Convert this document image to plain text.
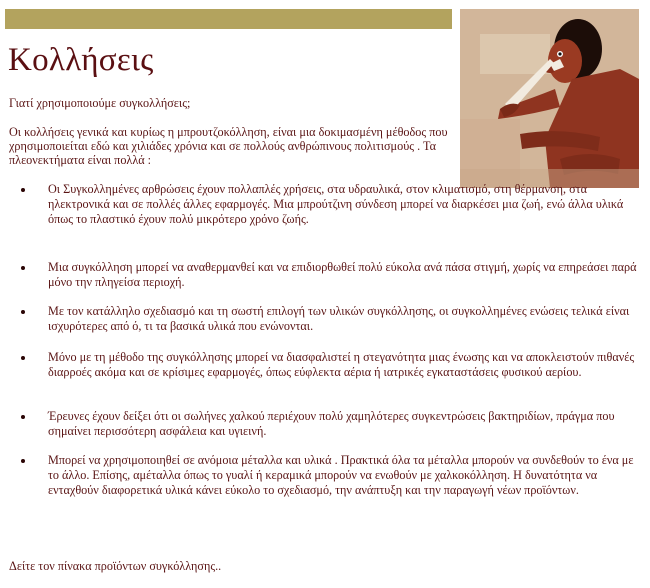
Κολλήσεις

Γιατί χρησιμοποιούμε συγκολλήσεις;

Οι κολλήσεις γενικά και κυρίως η μπρουτζοκόλληση, είναι μια δοκιμασμένη μέθοδος που χρησιμοποιείται εδώ και χιλιάδες χρόνια και σε πολλούς ανθρώπινους πολιτισμούς . Τα πλεονεκτήματα είναι πολλά :

Οι Συγκολλημένες αρθρώσεις έχουν πολλαπλές χρήσεις, στα υδραυλικά, στον κλιματισμό, στη θέρμανση, στα ηλεκτρονικά και σε πολλές άλλες εφαρμογές. Μια μπρούτζινη σύνδεση μπορεί να διαρκέσει μια ζωή, ενώ άλλα υλικά όπως το πλαστικό έχουν πολύ μικρότερο χρόνο ζωής.
Μια συγκόλληση μπορεί να αναθερμανθεί και να επιδιορθωθεί πολύ εύκολα ανά πάσα στιγμή, χωρίς να επηρεάσει παρά μόνο την πληγείσα περιοχή.
Με τον κατάλληλο σχεδιασμό και τη σωστή επιλογή των υλικών συγκόλλησης, οι συγκολλημένες ενώσεις τελικά είναι ισχυρότερες από ό, τι τα βασικά υλικά που ενώνονται.
Μόνο με τη μέθοδο της συγκόλλησης μπορεί να διασφαλιστεί η στεγανότητα μιας ένωσης και να αποκλειστούν πιθανές διαρροές ακόμα και σε κρίσιμες εφαρμογές, όπως εύφλεκτα αέρια ή ιατρικές εγκαταστάσεις φυσικού αερίου.
Έρευνες έχουν δείξει ότι οι σωλήνες χαλκού περιέχουν πολύ χαμηλότερες συγκεντρώσεις βακτηριδίων, πράγμα που σημαίνει περισσότερη ασφάλεια και υγιεινή.
Μπορεί να χρησιμοποιηθεί σε ανόμοια μέταλλα και υλικά . Πρακτικά όλα τα μέταλλα μπορούν να συνδεθούν το ένα με το άλλο. Επίσης, αμέταλλα όπως το γυαλί ή κεραμικά μπορούν να ενωθούν με χαλκοκόλληση. Η δυνατότητα να ενταχθούν διαφορετικά υλικά κάνει εύκολο το σχεδιασμό, την ανάπτυξη και την παραγωγή νέων προϊόντων.

Δείτε τον πίνακα προϊόντων συγκόλλησης..
